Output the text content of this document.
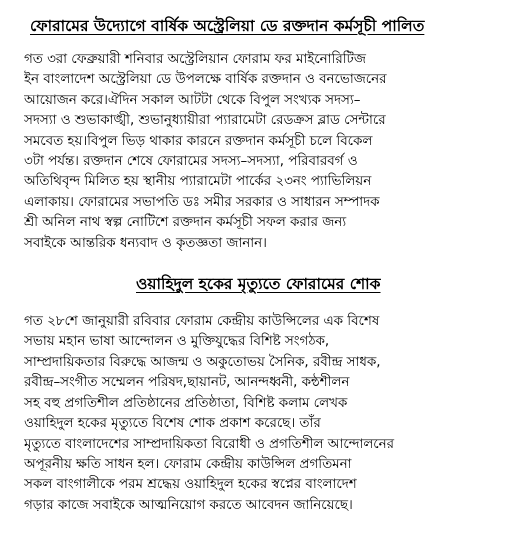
ফোরামের উদ্যোগে বার্ষিক অস্ট্রেলিয়া ডে রক্তদান কর্মসূচী পালিত
গত ৩রা ফেব্রুয়ারী শনিবার অস্ট্রেলিয়ান ফোরাম ফর মাইনোরিটিজ
ইন বাংলাদেশ অস্ট্রেলিয়া ডে উপলক্ষে বার্ষিক রক্তদান ও বনভোজনের
আয়োজন করে।ঐদিন সকাল আটটা থেকে বিপুল সংখ্যক সদস্য–
সদস্যা ও শুভাকাঙ্খী, শুভানুধ্যায়ীরা প্যারামেটা রেডক্রস ব্লাড সেন্টারে
সমবেত হয়।বিপুল ভিড় থাকার কারনে রক্তদান কর্মসূচী চলে বিকেল
৩টা পর্যন্ত। রক্তদান শেষে ফোরামের সদস্য–সদস্যা, পরিবারবর্গ ও
অতিথিবৃন্দ মিলিত হয় স্থানীয় প্যারামেটা পার্কের ২৩নং প্যাভিলিয়ন
এলাকায়। ফোরামের সভাপতি ডঃ সমীর সরকার ও সাধারন সম্পাদক
শ্রী অনিল নাথ স্বল্প নোটিশে রক্তদান কর্মসূচী সফল করার জন্য
সবাইকে আন্তরিক ধন্যবাদ ও কৃতজ্ঞতা জানান।
ওয়াহিদুল হকের মৃত্যুতে ফোরামের শোক
গত ২৮শে জানুয়ারী রবিবার ফোরাম কেন্দ্রীয় কাউন্সিলের এক বিশেষ
সভায় মহান ভাষা আন্দোলন ও মুক্তিযুদ্ধের বিশিষ্ট সংগঠক,
সাম্প্রদায়িকতার বিরুদ্ধে আজন্ম ও অকুতোভয় সৈনিক, রবীন্দ্র সাধক,
রবীন্দ্র–সংগীত সম্মেলন পরিষদ,ছায়ানট, আনন্দধ্বনী, কন্ঠশীলন
সহ বহু প্রগতিশীল প্রতিষ্ঠানের প্রতিষ্ঠাতা, বিশিষ্ট কলাম লেখক
ওয়াহিদুল হকের মৃত্যুতে বিশেষ শোক প্রকাশ করেছে। তাঁর
মৃত্যুতে বাংলাদেশের সাম্প্রদায়িকতা বিরোধী ও প্রগতিশীল আন্দোলনের
অপূরনীয় ক্ষতি সাধন হল। ফোরাম কেন্দ্রীয় কাউন্সিল প্রগতিমনা
সকল বাংগালীকে পরম শ্রদ্ধেয় ওয়াহিদুল হকের স্বপ্নের বাংলাদেশ
গড়ার কাজে সবাইকে আত্মনিয়োগ করতে আবেদন জানিয়েছে।
